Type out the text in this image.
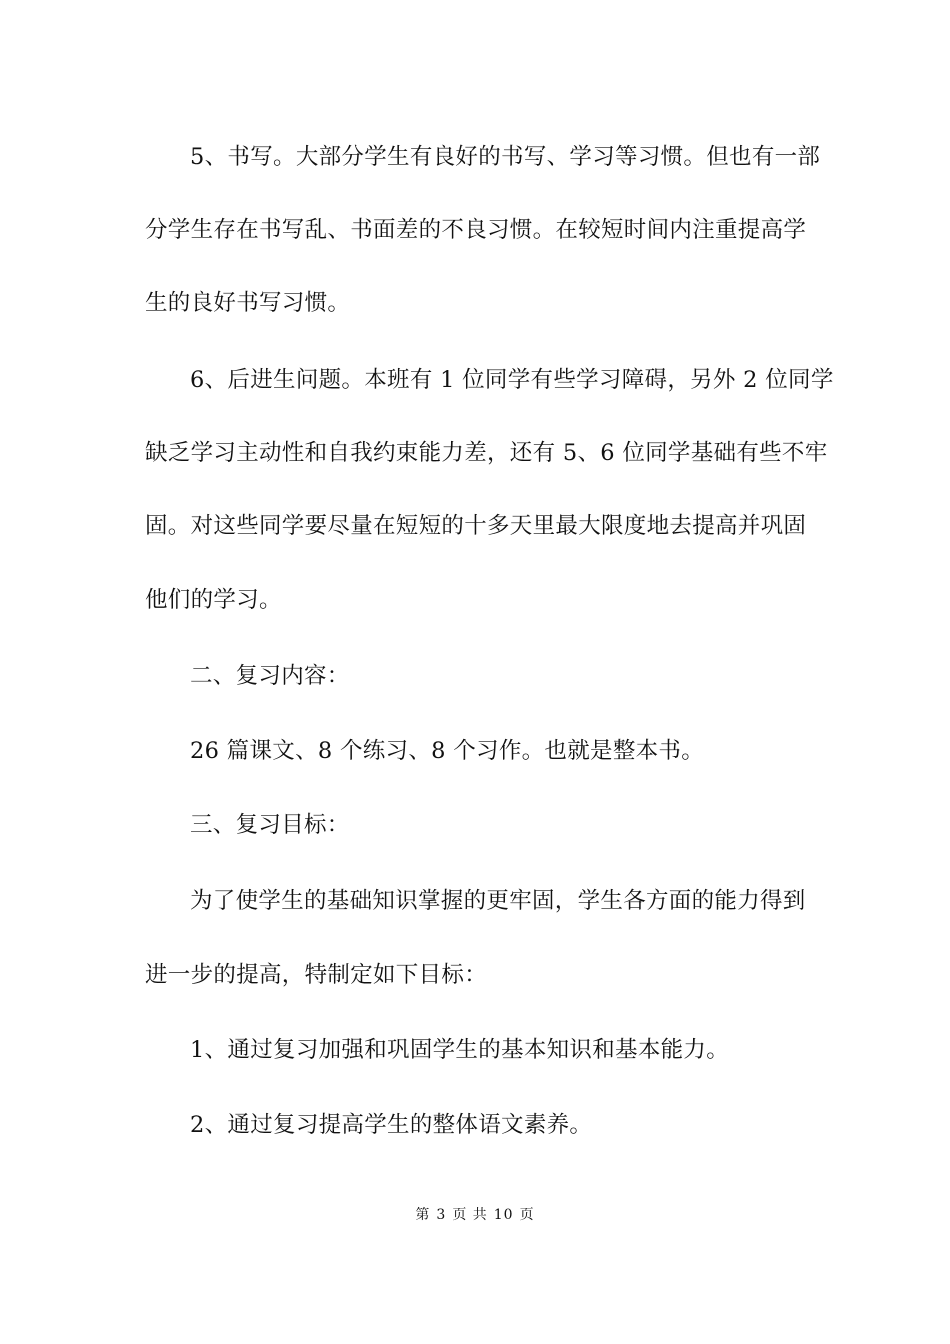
5、书写。大部分学生有良好的书写、学习等习惯。但也有一部
分学生存在书写乱、书面差的不良习惯。在较短时间内注重提高学
生的良好书写习惯。
6、后进生问题。本班有 1 位同学有些学习障碍，另外 2 位同学
缺乏学习主动性和自我约束能力差，还有 5、6 位同学基础有些不牢
固。对这些同学要尽量在短短的十多天里最大限度地去提高并巩固
他们的学习。
二、复习内容：
26 篇课文、8 个练习、8 个习作。也就是整本书。
三、复习目标：
为了使学生的基础知识掌握的更牢固，学生各方面的能力得到
进一步的提高，特制定如下目标：
1、通过复习加强和巩固学生的基本知识和基本能力。
2、通过复习提高学生的整体语文素养。
第 3 页 共 10 页
